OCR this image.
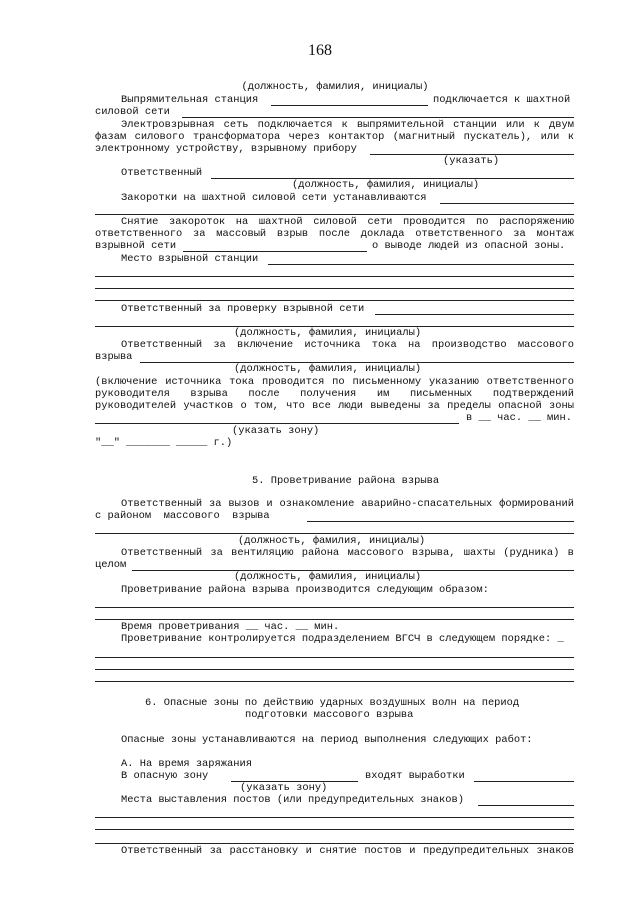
168
(должность, фамилия, инициалы)
Выпрямительная станция	подключается к шахтной
силовой сети
Электровзрывная сеть подключается к выпрямительной станции или к двум
фазам силового трансформатора через контактор (магнитный пускатель), или к
электронному устройству, взрывному прибору
(указать)
Ответственный
(должность, фамилия, инициалы)
Закоротки на шахтной силовой сети устанавливаются
Снятие закороток на шахтной силовой сети проводится по распоряжению
ответственного за массовый взрыв после доклада ответственного за монтаж
взрывной сети	о выводе людей из опасной зоны.
Место взрывной станции
Ответственный за проверку взрывной сети
(должность, фамилия, инициалы)
Ответственный за включение источника тока на производство массового
взрыва
(должность, фамилия, инициалы)
(включение источника тока проводится по письменному указанию ответственного
руководителя взрыва после получения им письменных подтверждений
руководителей участков о том, что все люди выведены за пределы опасной зоны
в __ час. __ мин.
(указать зону)
"__" _______ _____ г.)
5. Проветривание района взрыва
Ответственный за вызов и ознакомление аварийно-спасательных формирований
с районом  массового  взрыва
(должность, фамилия, инициалы)
Ответственный за вентиляцию района массового взрыва, шахты (рудника) в
целом
(должность, фамилия, инициалы)
Проветривание района взрыва производится следующим образом:
Время проветривания __ час. __ мин.
Проветривание контролируется подразделением ВГСЧ в следующем порядке: _
6. Опасные зоны по действию ударных воздушных волн на период
подготовки массового взрыва
Опасные зоны устанавливаются на период выполнения следующих работ:
А. На время заряжания
В опасную зону	входят выработки
(указать зону)
Места выставления постов (или предупредительных знаков)
Ответственный за расстановку и снятие постов и предупредительных знаков
